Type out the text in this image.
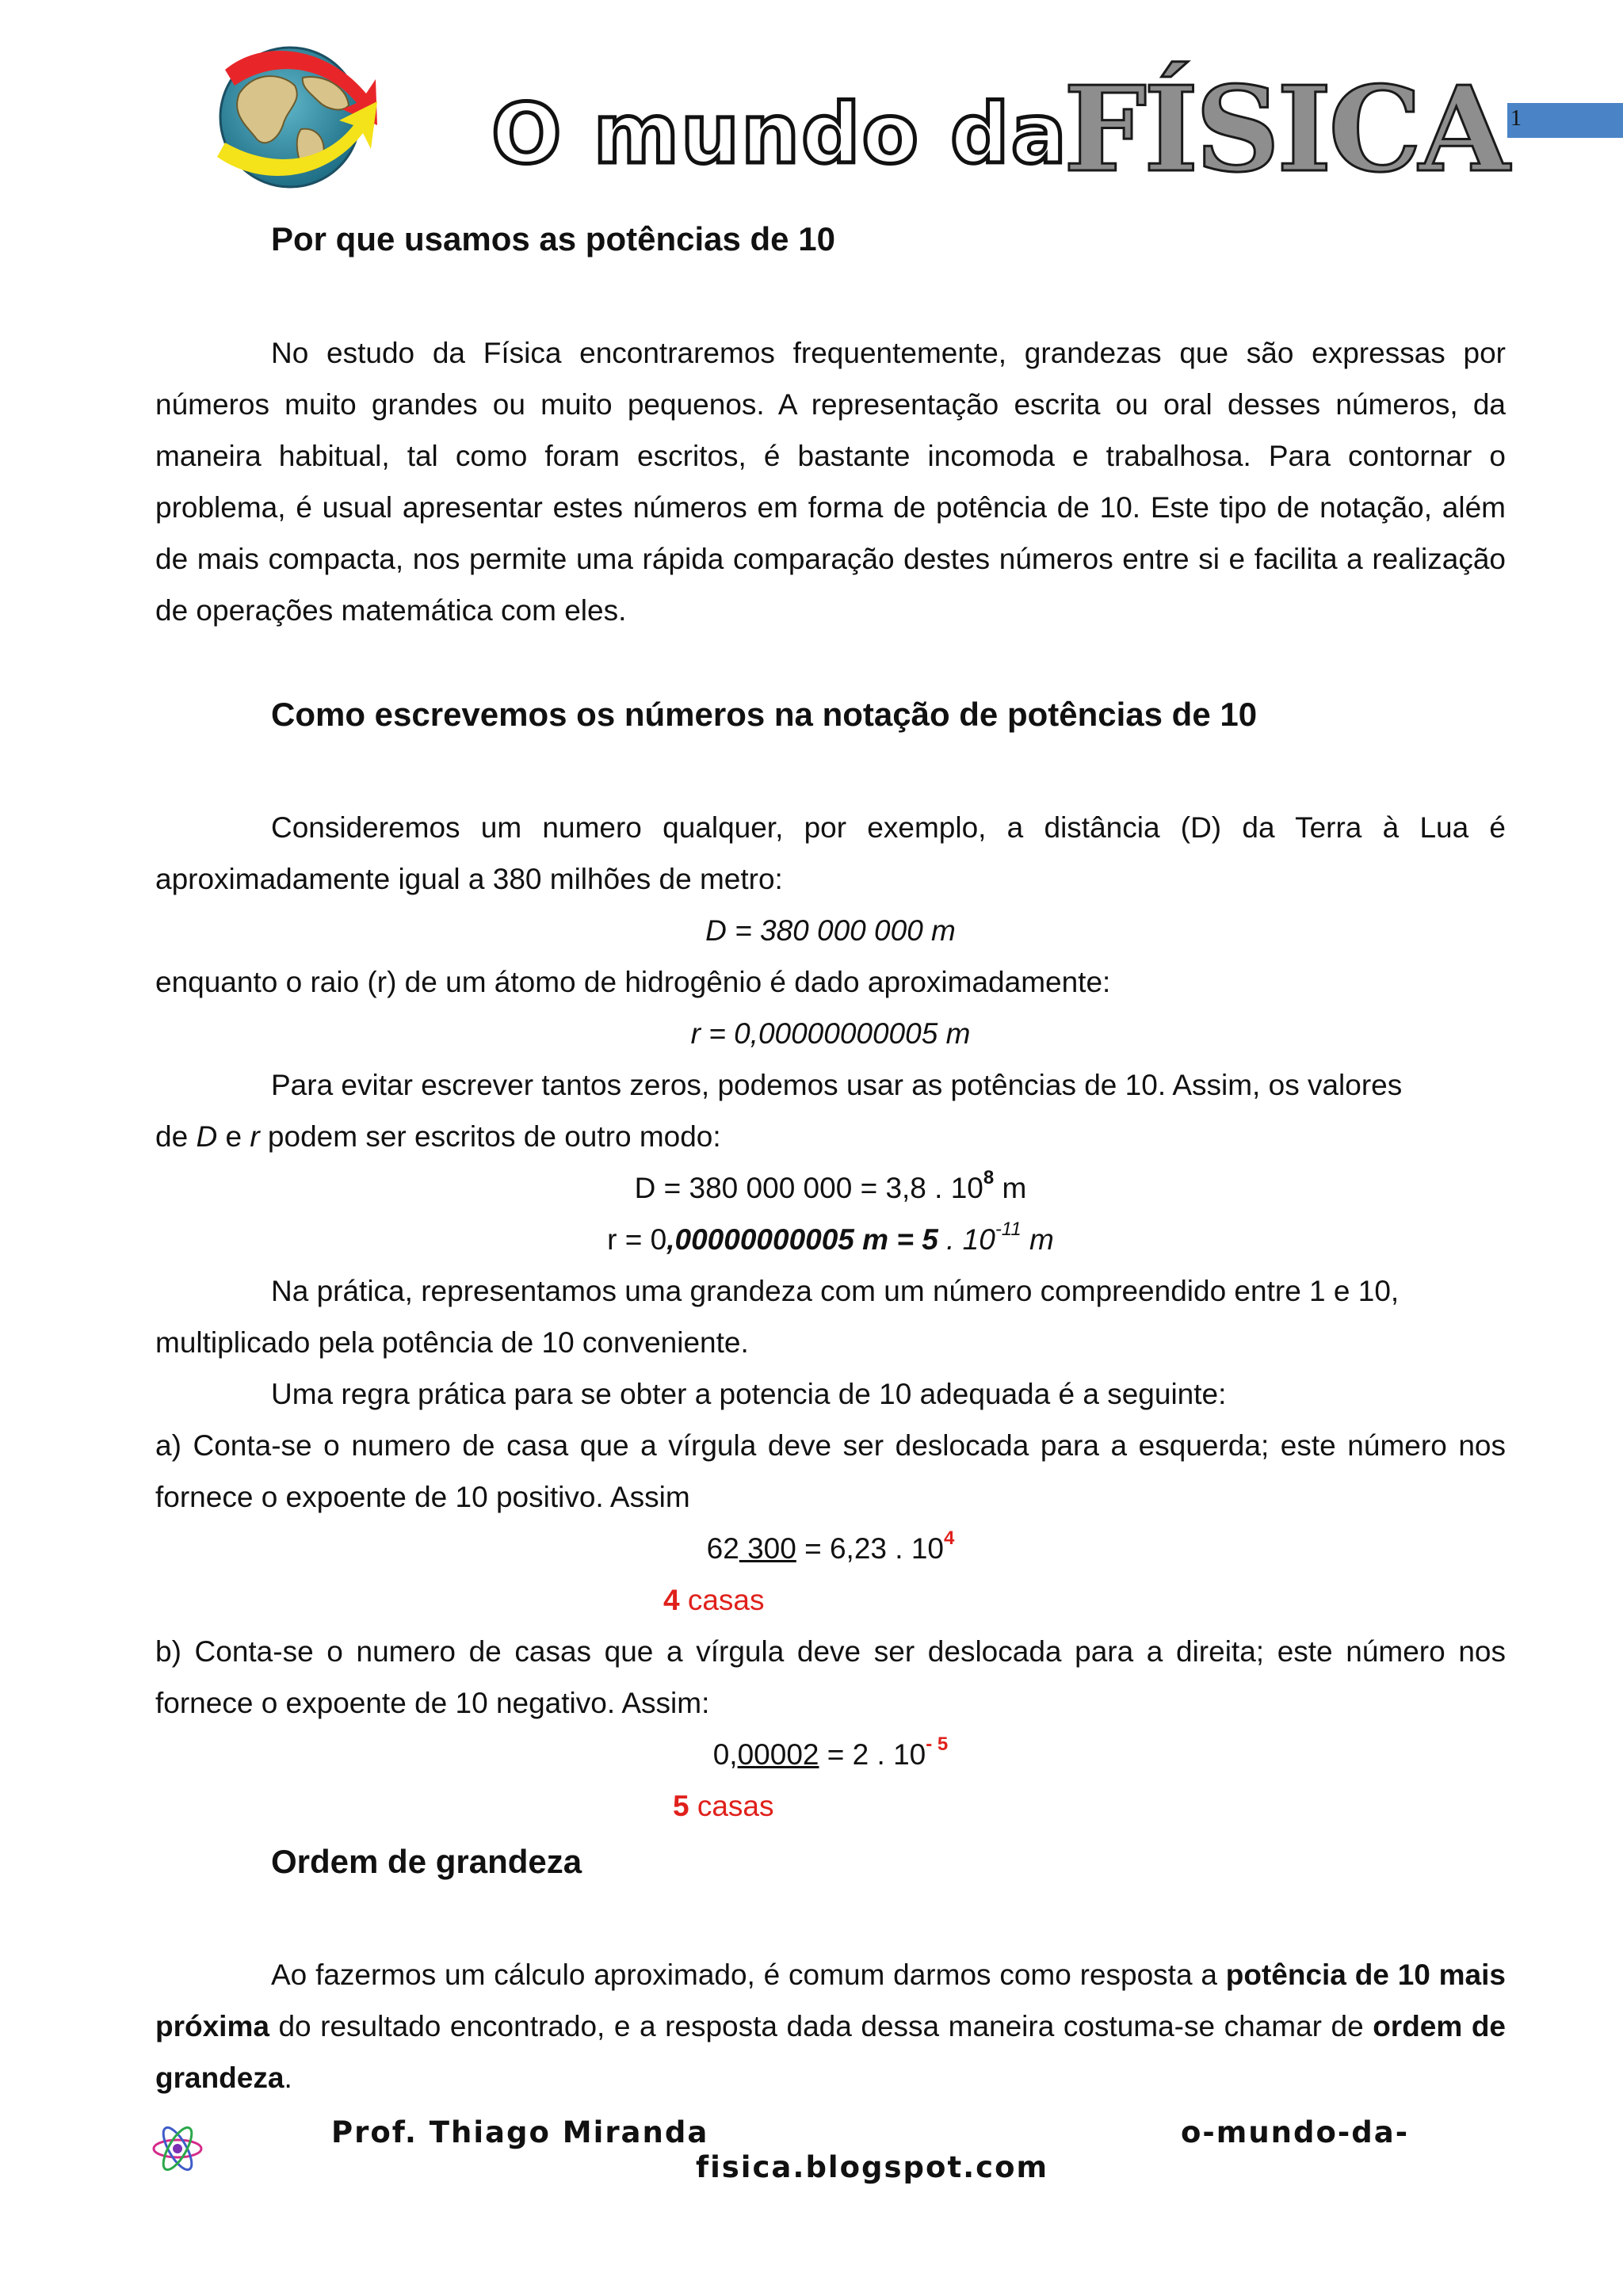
O mundo da
FÍSICA 1
Por que usamos as potências de 10

No estudo da Física encontraremos frequentemente, grandezas que são expressas por números muito grandes ou muito pequenos. A representação escrita ou oral desses números, da maneira habitual, tal como foram escritos, é bastante incomoda e trabalhosa. Para contornar o problema, é usual apresentar estes números em forma de potência de 10. Este tipo de notação, além de mais compacta, nos permite uma rápida comparação destes números entre si e facilita a realização de operações matemática com eles.

Como escrevemos os números na notação de potências de 10

Consideremos um numero qualquer, por exemplo, a distância (D) da Terra à Lua é aproximadamente igual a 380 milhões de metro:

D = 380 000 000 m

enquanto o raio (r) de um átomo de hidrogênio é dado aproximadamente:

r = 0,00000000005 m

Para evitar escrever tantos zeros, podemos usar as potências de 10. Assim, os valores

de D e r podem ser escritos de outro modo:

D = 380 000 000 = 3,8 . $10^8$ m

r = 0,00000000005 m = 5 . $10^{-11}$ m

Na prática, representamos uma grandeza com um número compreendido entre 1 e 10,

multiplicado pela potência de 10 conveniente.

Uma regra prática para se obter a potencia de 10 adequada é a seguinte:

a) Conta-se o numero de casa que a vírgula deve ser deslocada para a esquerda; este número nos fornece o expoente de 10 positivo. Assim

62 300 = 6,23 . $10^4$

4 casas

b) Conta-se o numero de casas que a vírgula deve ser deslocada para a direita; este número nos fornece o expoente de 10 negativo. Assim:

0,00002 = 2 . $10^{- 5}$

5 casas

Ordem de grandeza

Ao fazermos um cálculo aproximado, é comum darmos como resposta a potência de 10 mais próxima do resultado encontrado, e a resposta dada dessa maneira costuma-se chamar de ordem de grandeza.

Prof. Thiago Miranda	o-mundo-da-
fisica.blogspot.com
